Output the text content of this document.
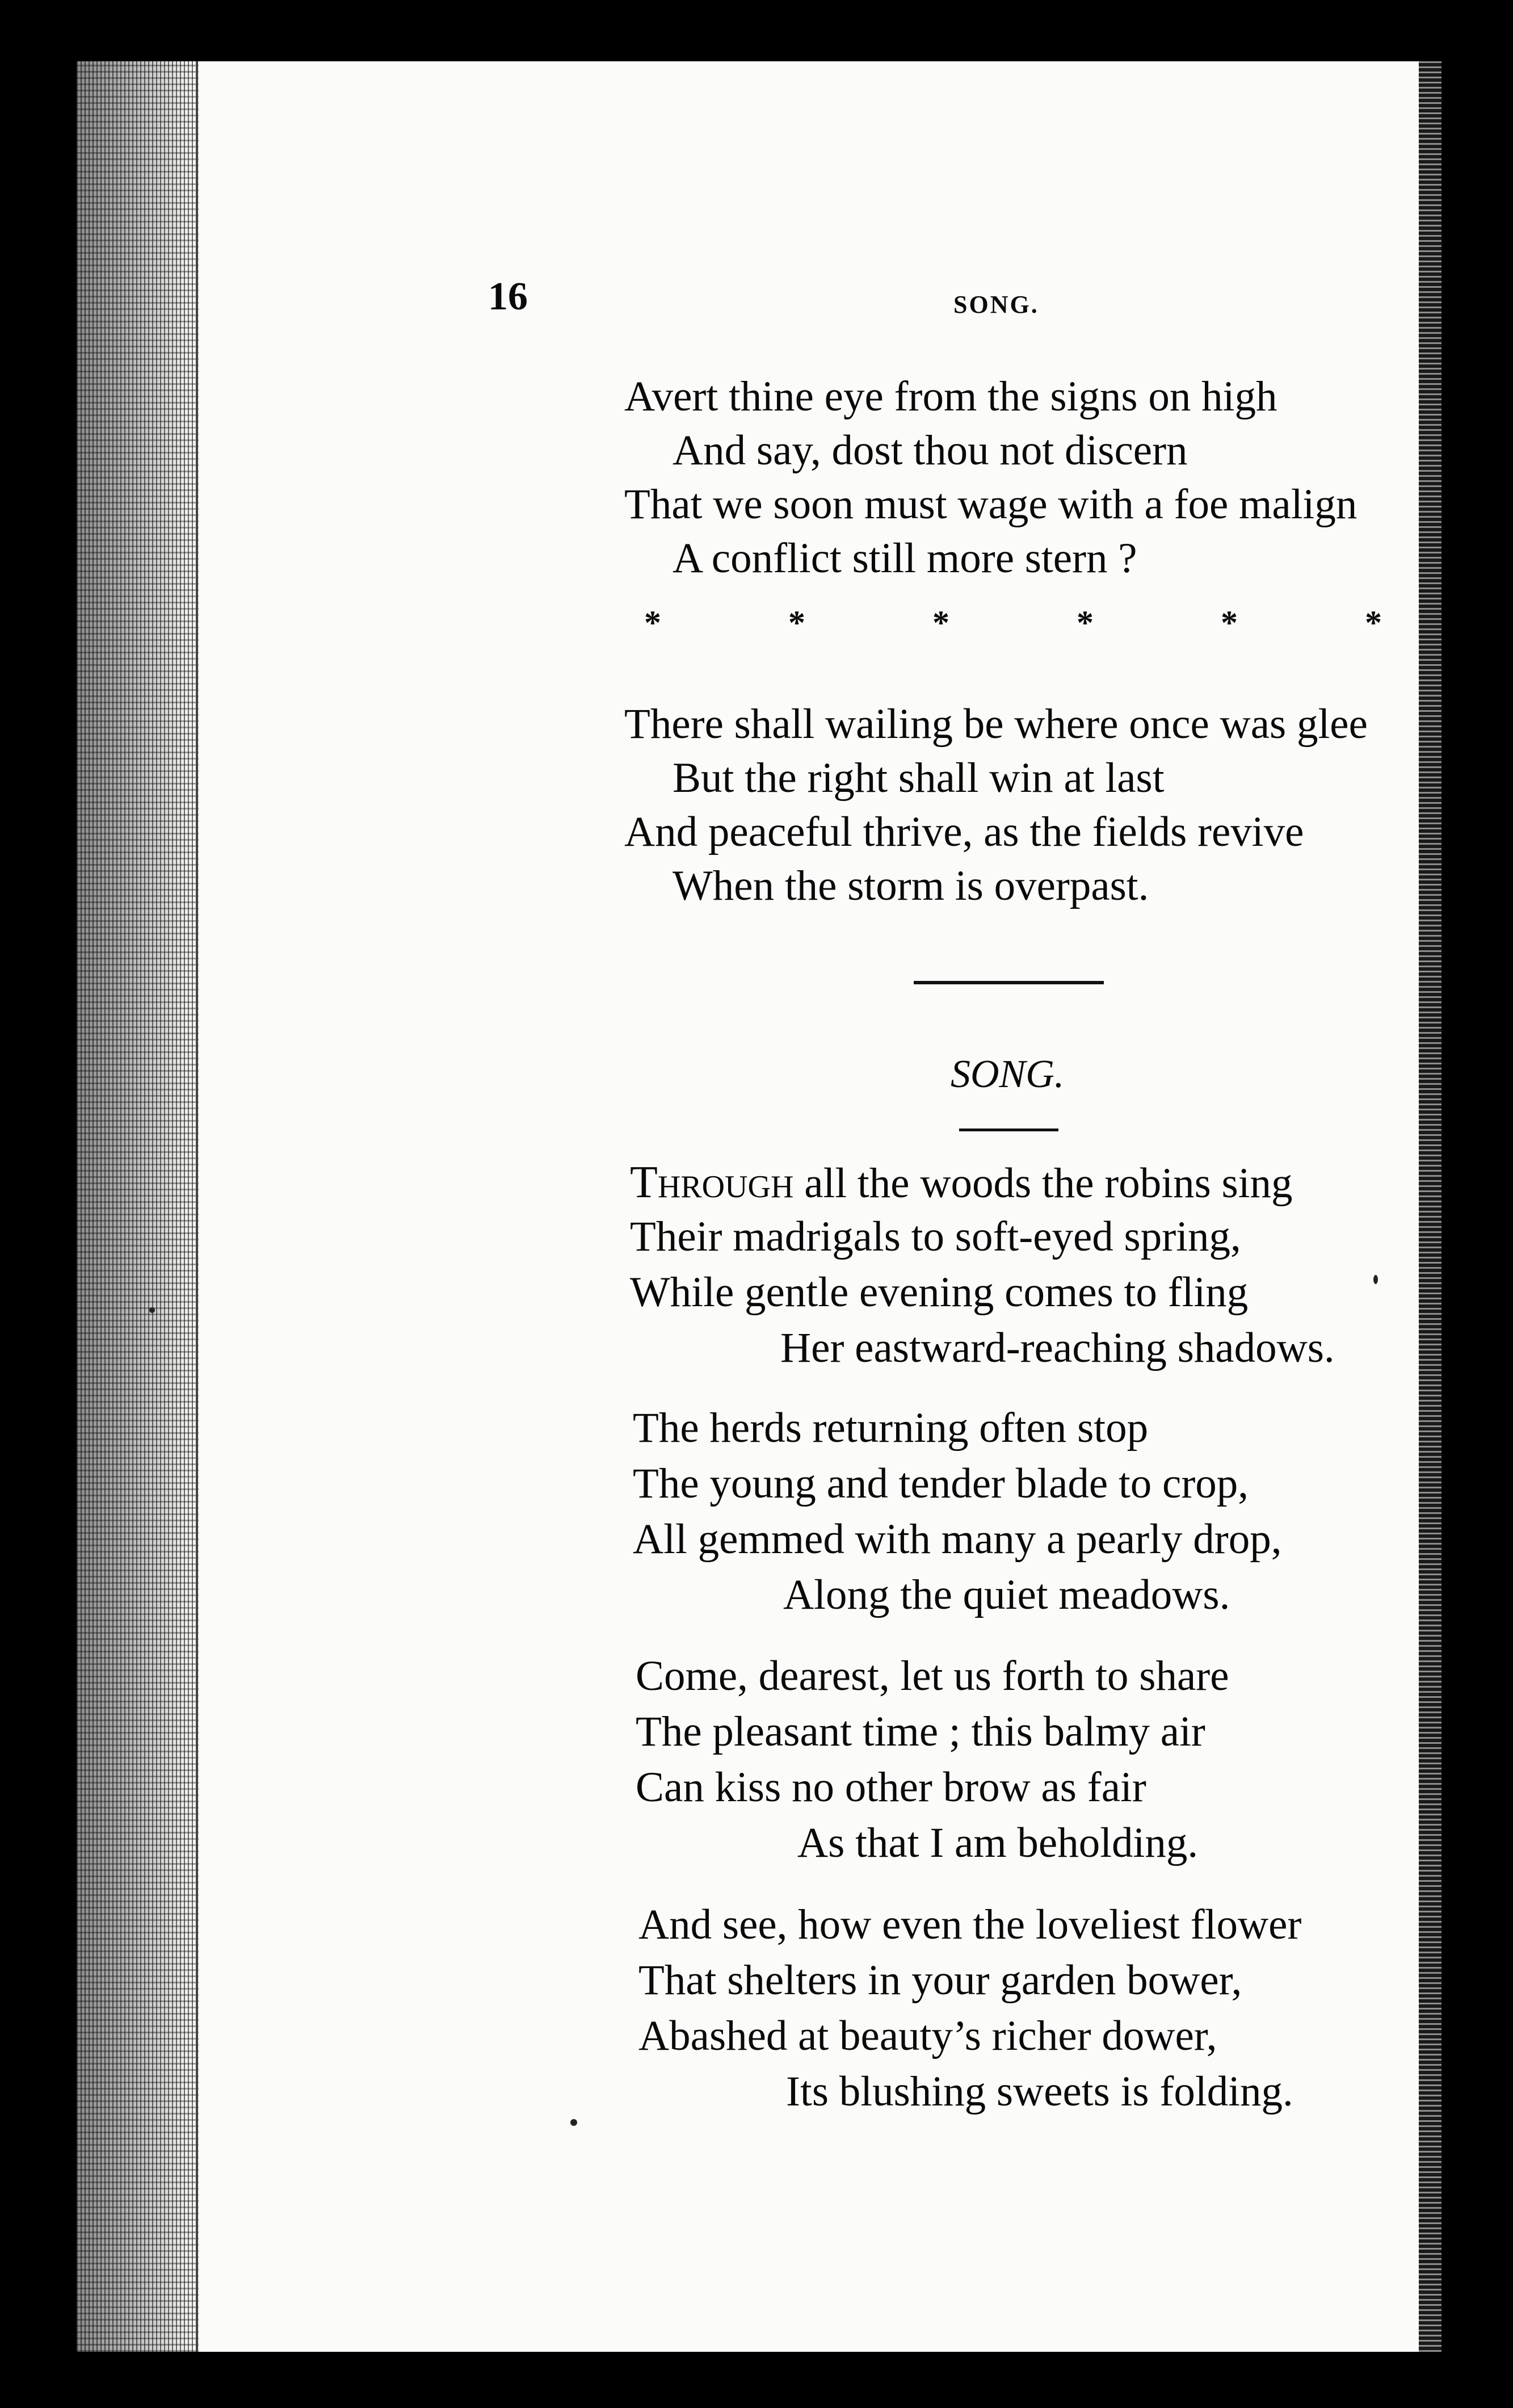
16	SONG.
Avert thine eye from the signs on high
And say, dost thou not discern
That we soon must wage with a foe malign
A conflict still more stern ?
*	*	*	*	*	*
There shall wailing be where once was glee
But the right shall win at last
And peaceful thrive, as the fields revive
When the storm is overpast.
SONG.
Through all the woods the robins sing
Their madrigals to soft-eyed spring,
While gentle evening comes to fling
Her eastward-reaching shadows.
The herds returning often stop
The young and tender blade to crop,
All gemmed with many a pearly drop,
Along the quiet meadows.
Come, dearest, let us forth to share
The pleasant time ; this balmy air
Can kiss no other brow as fair
As that I am beholding.
And see, how even the loveliest flower
That shelters in your garden bower,
Abashed at beauty’s richer dower,
Its blushing sweets is folding.
